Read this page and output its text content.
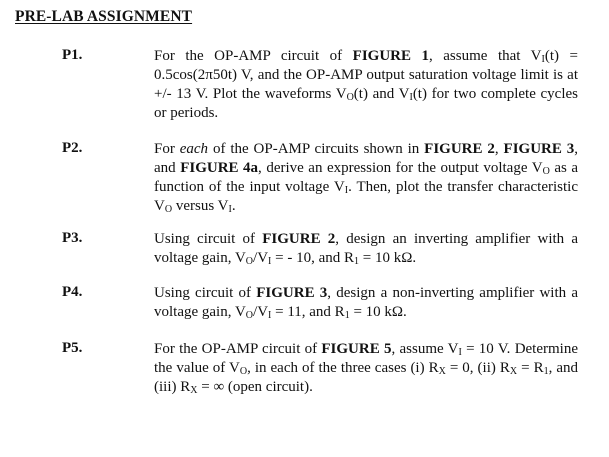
PRE-LAB ASSIGNMENT
P1.	For the OP-AMP circuit of FIGURE 1, assume that $V_I(t) = 0.5\cos(2\pi 50t)$ V, and the OP-AMP output saturation voltage limit is at +/- 13 V. Plot the waveforms $V_O(t)$ and $V_I(t)$ for two complete cycles or periods.
P2.	For each of the OP-AMP circuits shown in FIGURE 2, FIGURE 3, and FIGURE 4a, derive an expression for the output voltage $V_O$ as a function of the input voltage $V_I$. Then, plot the transfer characteristic $V_O$ versus $V_I$.
P3.	Using circuit of FIGURE 2, design an inverting amplifier with a voltage gain, $V_O/V_I$ = - 10, and $R_1 = 10$ kΩ.
P4.	Using circuit of FIGURE 3, design a non-inverting amplifier with a voltage gain, $V_O/V_I = 11$, and $R_1 = 10$ kΩ.
P5.	For the OP-AMP circuit of FIGURE 5, assume $V_I = 10$ V. Determine the value of $V_O$, in each of the three cases (i) $R_X = 0$, (ii) $R_X = R_1$, and (iii) $R_X$ = ∞ (open circuit).
